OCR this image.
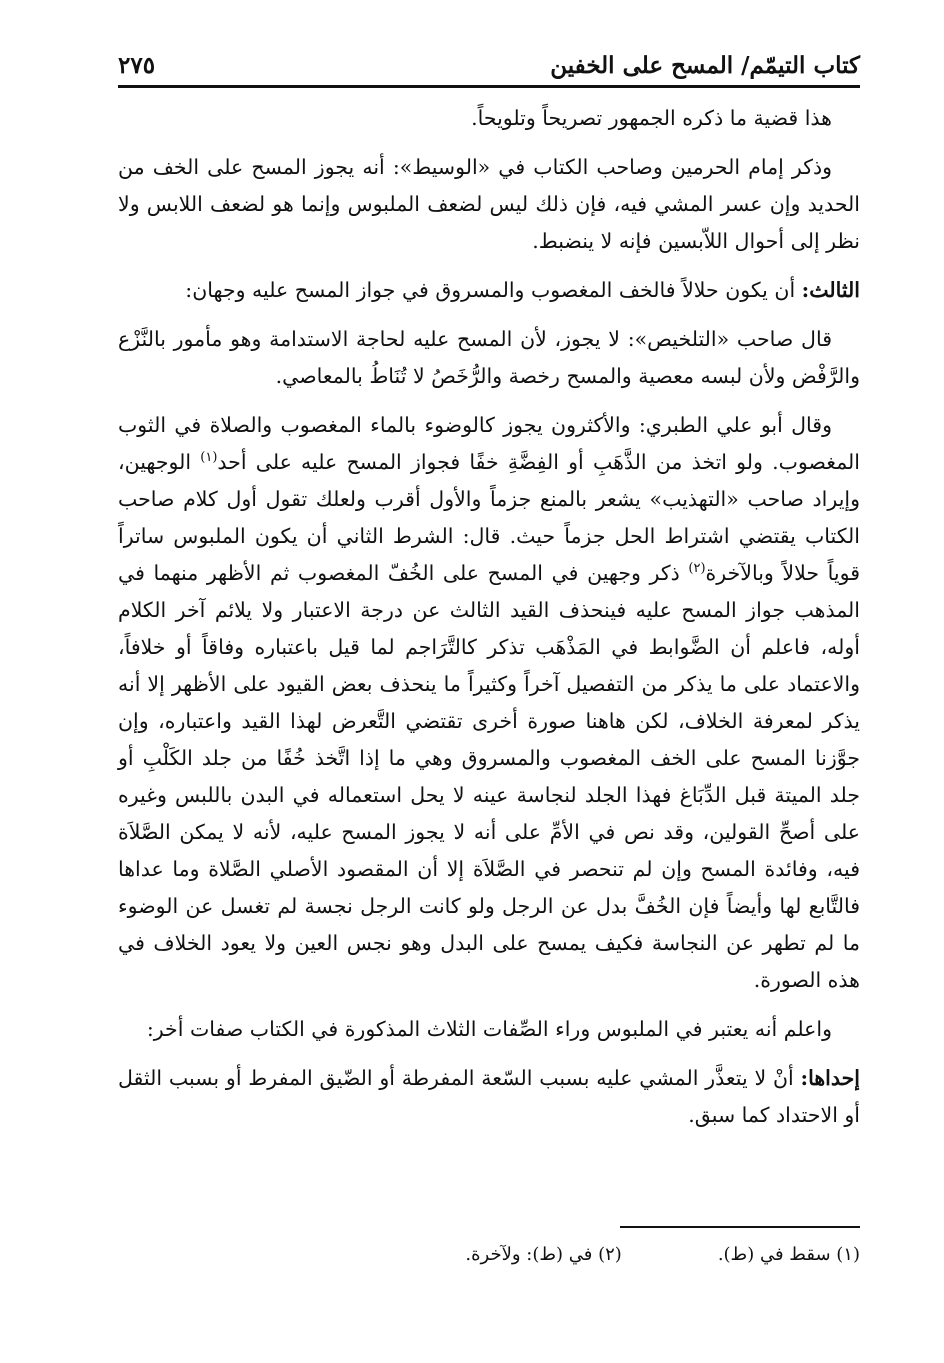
كتاب التيمّم/ المسح على الخفين
٢٧٥

هذا قضية ما ذكره الجمهور تصريحاً وتلويحاً.

وذكر إمام الحرمين وصاحب الكتاب في «الوسيط»: أنه يجوز المسح على الخف من الحديد وإن عسر المشي فيه، فإن ذلك ليس لضعف الملبوس وإنما هو لضعف اللابس ولا نظر إلى أحوال اللاّبسين فإنه لا ينضبط.

الثالث: أن يكون حلالاً فالخف المغصوب والمسروق في جواز المسح عليه وجهان:

قال صاحب «التلخيص»: لا يجوز، لأن المسح عليه لحاجة الاستدامة وهو مأمور بالنَّزْع والرَّفْض ولأن لبسه معصية والمسح رخصة والرُّخَصُ لا تُنَاطُ بالمعاصي.

وقال أبو علي الطبري: والأكثرون يجوز كالوضوء بالماء المغصوب والصلاة في الثوب المغصوب. ولو اتخذ من الذَّهَبِ أو الفِضَّةِ خفًا فجواز المسح عليه على أحد$^{(١)}$ الوجهين، وإيراد صاحب «التهذيب» يشعر بالمنع جزماً والأول أقرب ولعلك تقول أول كلام صاحب الكتاب يقتضي اشتراط الحل جزماً حيث. قال: الشرط الثاني أن يكون الملبوس ساتراً قوياً حلالاً وبالآخرة$^{(٢)}$ ذكر وجهين في المسح على الخُفّ المغصوب ثم الأظهر منهما في المذهب جواز المسح عليه فينحذف القيد الثالث عن درجة الاعتبار ولا يلائم آخر الكلام أوله، فاعلم أن الضَّوابط في المَذْهَب تذكر كالتَّرَاجم لما قيل باعتباره وفاقاً أو خلافاً، والاعتماد على ما يذكر من التفصيل آخراً وكثيراً ما ينحذف بعض القيود على الأظهر إلا أنه يذكر لمعرفة الخلاف، لكن هاهنا صورة أخرى تقتضي التَّعرض لهذا القيد واعتباره، وإن جوَّزنا المسح على الخف المغصوب والمسروق وهي ما إذا اتَّخذ خُفًا من جلد الكَلْبِ أو جلد الميتة قبل الدِّبَاغ فهذا الجلد لنجاسة عينه لا يحل استعماله في البدن باللبس وغيره على أصحِّ القولين، وقد نص في الأمِّ على أنه لا يجوز المسح عليه، لأنه لا يمكن الصَّلاَة فيه، وفائدة المسح وإن لم تنحصر في الصَّلاَة إلا أن المقصود الأصلي الصَّلاة وما عداها فالتَّابع لها وأيضاً فإن الخُفَّ بدل عن الرجل ولو كانت الرجل نجسة لم تغسل عن الوضوء ما لم تطهر عن النجاسة فكيف يمسح على البدل وهو نجس العين ولا يعود الخلاف في هذه الصورة.

واعلم أنه يعتبر في الملبوس وراء الصِّفات الثلاث المذكورة في الكتاب صفات أخر:

إحداها: أنْ لا يتعذَّر المشي عليه بسبب السّعة المفرطة أو الضّيق المفرط أو بسبب الثقل أو الاحتداد كما سبق.

(١) سقط في (ط).
(٢) في (ط): ولآخرة.
